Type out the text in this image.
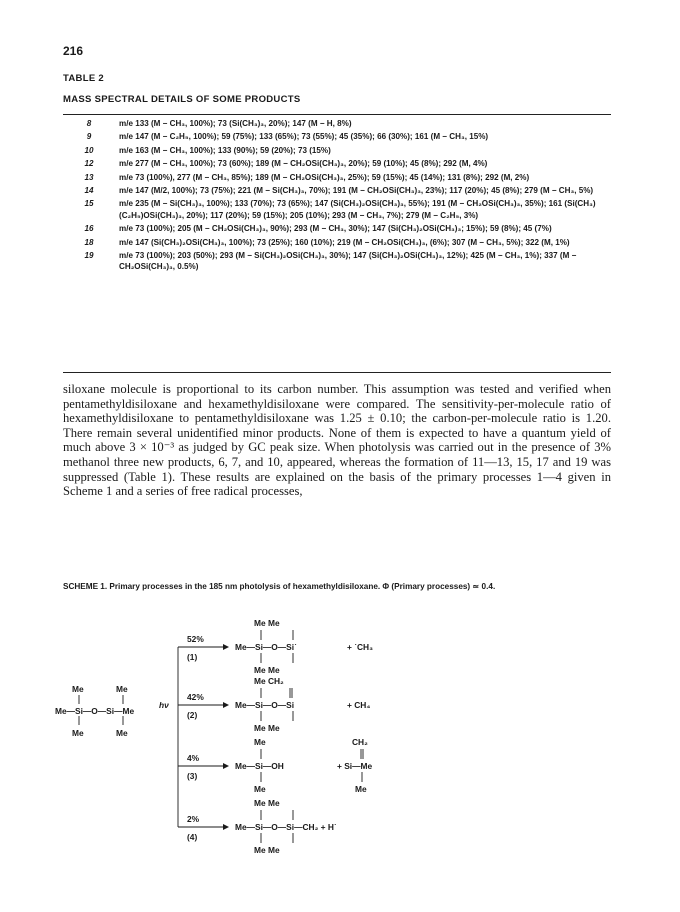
216
TABLE 2
MASS SPECTRAL DETAILS OF SOME PRODUCTS
8	m/e 133 (M − CH₃, 100%); 73 (Si(CH₃)₃, 20%); 147 (M − H, 8%)
9	m/e 147 (M − C₂H₅, 100%); 59 (75%); 133 (65%); 73 (55%); 45 (35%); 66 (30%); 161 (M − CH₃, 15%)
10	m/e 163 (M − CH₃, 100%); 133 (90%); 59 (20%); 73 (15%)
12	m/e 277 (M − CH₃, 100%); 73 (60%); 189 (M − CH₂OSi(CH₃)₃, 20%); 59 (10%); 45 (8%); 292 (M, 4%)
13	m/e 73 (100%), 277 (M − CH₃, 85%); 189 (M − CH₂OSi(CH₃)₃, 25%); 59 (15%); 45 (14%); 131 (8%); 292 (M, 2%)
14	m/e 147 (M/2, 100%); 73 (75%); 221 (M − Si(CH₃)₃, 70%); 191 (M − CH₂OSi(CH₃)₃, 23%); 117 (20%); 45 (8%); 279 (M − CH₃, 5%)
15	m/e 235 (M − Si(CH₃)₃, 100%); 133 (70%); 73 (65%); 147 (Si(CH₃)₂OSi(CH₃)₃, 55%); 191 (M − CH₂OSi(CH₃)₃, 35%); 161 (Si(CH₃)(C₂H₅)OSi(CH₃)₃, 20%); 117 (20%); 59 (15%); 205 (10%); 293 (M − CH₃, 7%); 279 (M − C₂H₅, 3%)
16	m/e 73 (100%); 205 (M − CH₂OSi(CH₃)₃, 90%); 293 (M − CH₃, 30%); 147 (Si(CH₃)₂OSi(CH₃)₃; 15%); 59 (8%); 45 (7%)
18	m/e 147 (Si(CH₃)₂OSi(CH₃)₃, 100%); 73 (25%); 160 (10%); 219 (M − CH₂OSi(CH₃)₃, (6%); 307 (M − CH₃, 5%); 322 (M, 1%)
19	m/e 73 (100%); 203 (50%); 293 (M − Si(CH₃)₂OSi(CH₃)₃, 30%); 147 (Si(CH₃)₂OSi(CH₃)₃, 12%); 425 (M − CH₃, 1%); 337 (M − CH₂OSi(CH₃)₃, 0.5%)

siloxane molecule is proportional to its carbon number. This assumption was tested and verified when pentamethyldisiloxane and hexamethyldisiloxane were compared. The sensitivity-per-molecule ratio of hexamethyldisiloxane to pentamethyldisiloxane was 1.25 ± 0.10; the carbon-per-molecule ratio is 1.20. There remain several unidentified minor products. None of them is expected to have a quantum yield of much above 3 × 10⁻³ as judged by GC peak size. When photolysis was carried out in the presence of 3% methanol three new products, 6, 7, and 10, appeared, whereas the formation of 11—13, 15, 17 and 19 was suppressed (Table 1). These results are explained on the basis of the primary processes 1—4 given in Scheme 1 and a series of free radical processes,

SCHEME 1. Primary processes in the 185 nm photolysis of hexamethyldisiloxane. Φ (Primary processes) ≃ 0.4.
Me	Me
Me—Si—O—Si—Me
Me	Me
hν
52%
(1)
Me Me
Me—Si—O—Si˙
Me Me
+ ˙CH₃
42%
(2)
Me CH₂
Me—Si—O—Si
Me Me
+ CH₄
4%
(3)
Me
Me—Si—OH
Me
CH₂
+ Si—Me
Me
2%
(4)
Me Me
Me—Si—O—Si—CH₂ + H˙
Me Me
